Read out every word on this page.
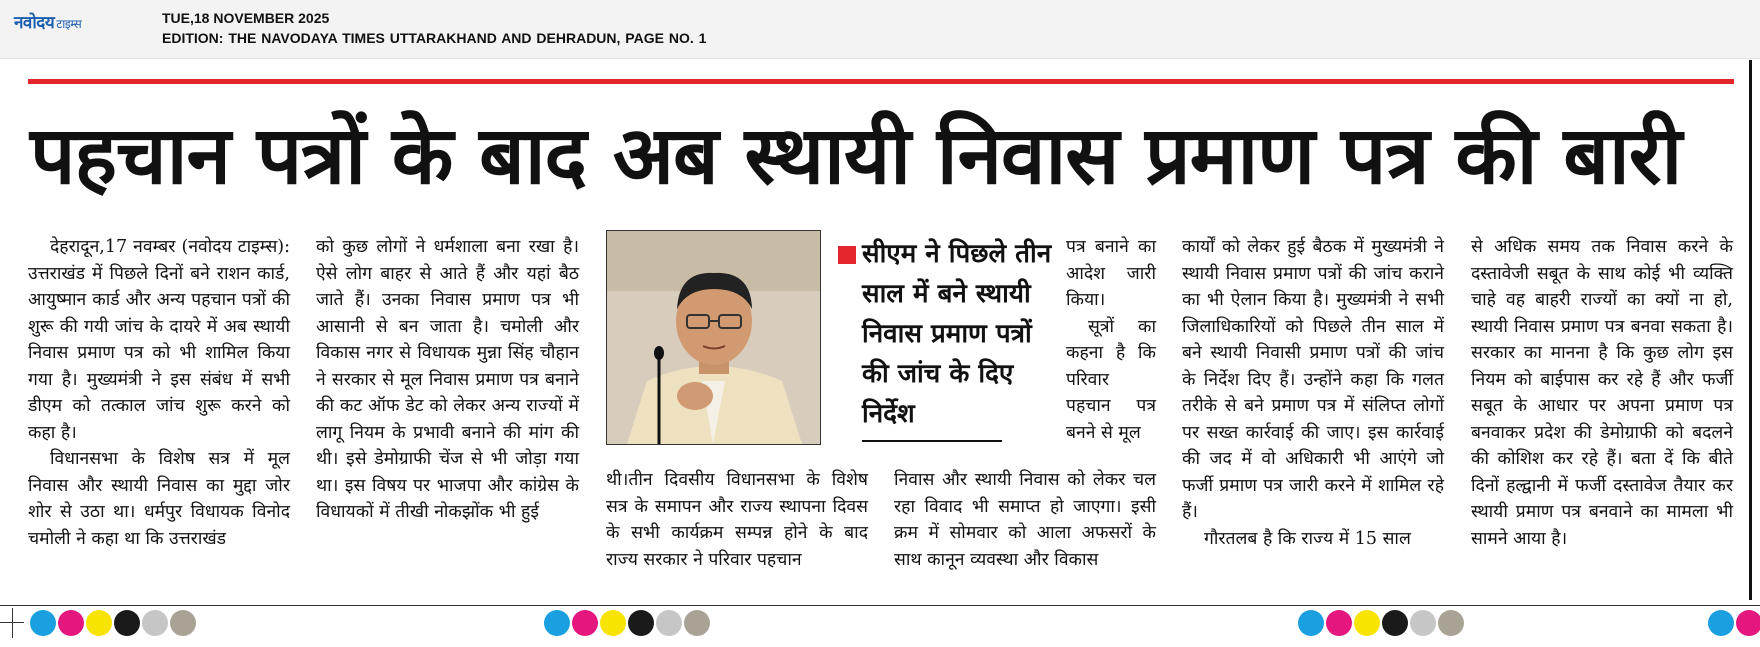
नवोदय टाइम्स	TUE,18 NOVEMBER 2025
EDITION: THE NAVODAYA TIMES UTTARAKHAND AND DEHRADUN, PAGE NO. 1
पहचान पत्रों के बाद अब स्थायी निवास प्रमाण पत्र की बारी

देहरादून,17 नवम्बर (नवोदय टाइम्स): उत्तराखंड में पिछले दिनों बने राशन कार्ड, आयुष्मान कार्ड और अन्य पहचान पत्रों की शुरू की गयी जांच के दायरे में अब स्थायी निवास प्रमाण पत्र को भी शामिल किया गया है। मुख्यमंत्री ने इस संबंध में सभी डीएम को तत्काल जांच शुरू करने को कहा है।

विधानसभा के विशेष सत्र में मूल निवास और स्थायी निवास का मुद्दा जोर शोर से उठा था। धर्मपुर विधायक विनोद चमोली ने कहा था कि उत्तराखंड

को कुछ लोगों ने धर्मशाला बना रखा है। ऐसे लोग बाहर से आते हैं और यहां बैठ जाते हैं। उनका निवास प्रमाण पत्र भी आसानी से बन जाता है। चमोली और विकास नगर से विधायक मुन्ना सिंह चौहान ने सरकार से मूल निवास प्रमाण पत्र बनाने की कट ऑफ डेट को लेकर अन्य राज्यों में लागू नियम के प्रभावी बनाने की मांग की थी। इसे डेमोग्राफी चेंज से भी जोड़ा गया था। इस विषय पर भाजपा और कांग्रेस के विधायकों में तीखी नोकझोंक भी हुई

सीएम ने पिछले तीन साल में बने स्थायी निवास प्रमाण पत्रों की जांच के दिए निर्देश

पत्र बनाने का आदेश जारी किया।

सूत्रों का कहना है कि परिवार पहचान पत्र बनने से मूल

थी।तीन दिवसीय विधानसभा के विशेष सत्र के समापन और राज्य स्थापना दिवस के सभी कार्यक्रम सम्पन्न होने के बाद राज्य सरकार ने परिवार पहचान

निवास और स्थायी निवास को लेकर चल रहा विवाद भी समाप्त हो जाएगा। इसी क्रम में सोमवार को आला अफसरों के साथ कानून व्यवस्था और विकास

कार्यों को लेकर हुई बैठक में मुख्यमंत्री ने स्थायी निवास प्रमाण पत्रों की जांच कराने का भी ऐलान किया है। मुख्यमंत्री ने सभी जिलाधिकारियों को पिछले तीन साल में बने स्थायी निवासी प्रमाण पत्रों की जांच के निर्देश दिए हैं। उन्होंने कहा कि गलत तरीके से बने प्रमाण पत्र में संलिप्त लोगों पर सख्त कार्रवाई की जाए। इस कार्रवाई की जद में वो अधिकारी भी आएंगे जो फर्जी प्रमाण पत्र जारी करने में शामिल रहे हैं।

गौरतलब है कि राज्य में 15 साल

से अधिक समय तक निवास करने के दस्तावेजी सबूत के साथ कोई भी व्यक्ति चाहे वह बाहरी राज्यों का क्यों ना हो, स्थायी निवास प्रमाण पत्र बनवा सकता है। सरकार का मानना है कि कुछ लोग इस नियम को बाईपास कर रहे हैं और फर्जी सबूत के आधार पर अपना प्रमाण पत्र बनवाकर प्रदेश की डेमोग्राफी को बदलने की कोशिश कर रहे हैं। बता दें कि बीते दिनों हल्द्वानी में फर्जी दस्तावेज तैयार कर स्थायी प्रमाण पत्र बनवाने का मामला भी सामने आया है।
